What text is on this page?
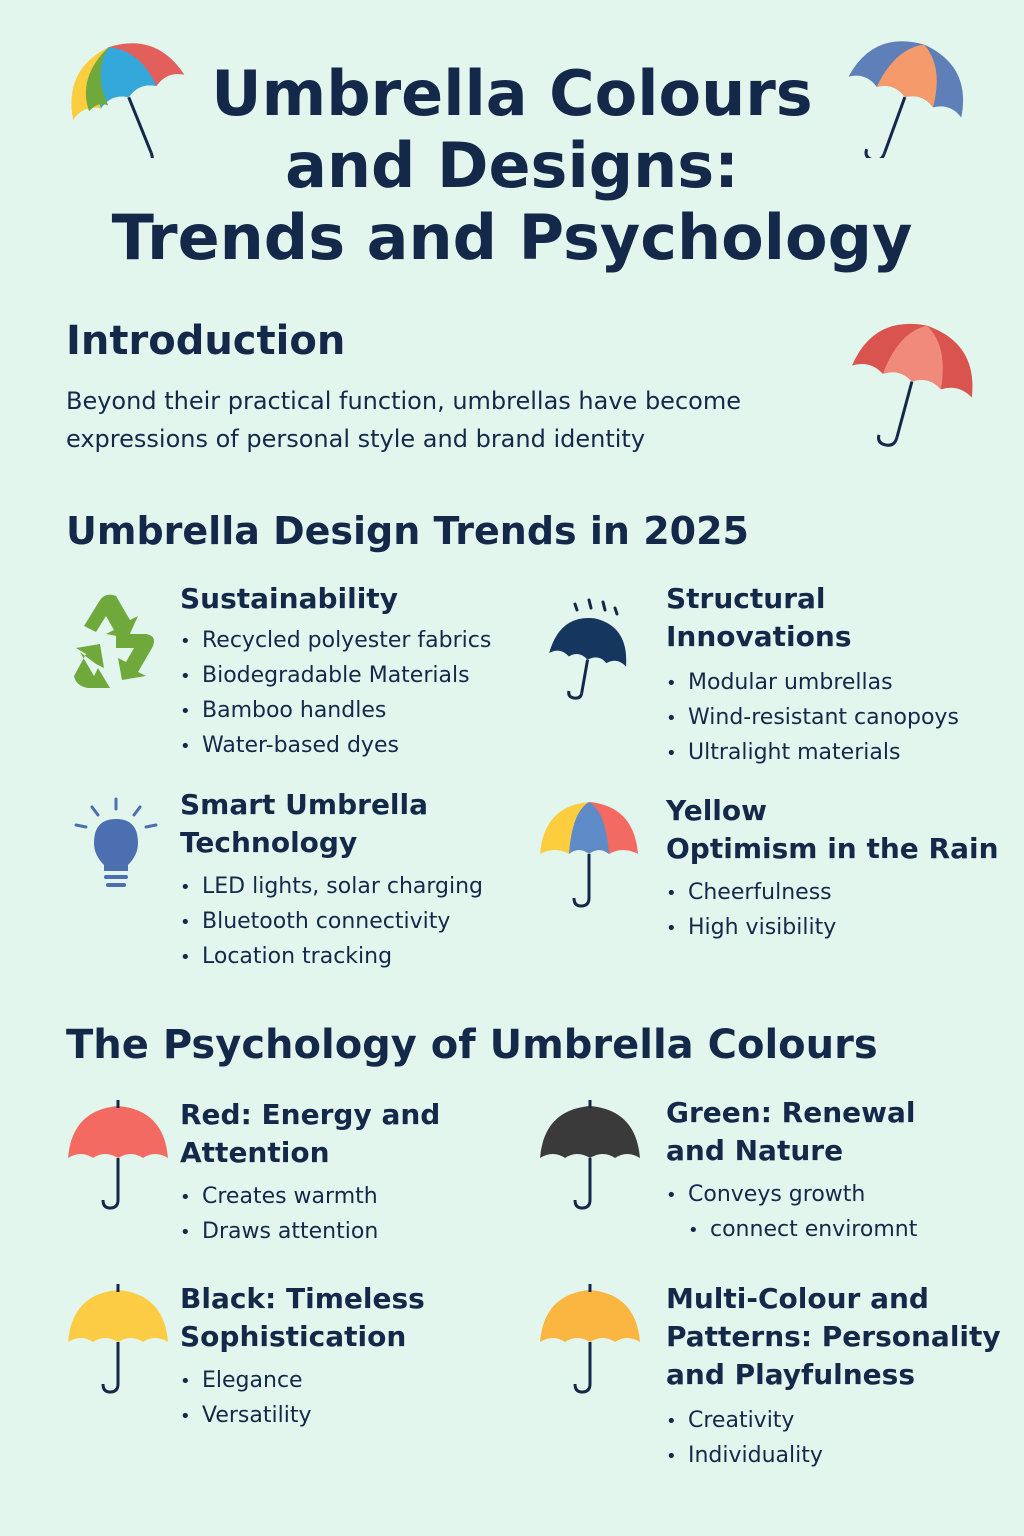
Umbrella Colours
and Designs:
Trends and Psychology
Introduction

Beyond their practical function, umbrellas have become expressions of personal style and brand identity

Umbrella Design Trends in 2025
Sustainability
• Recycled polyester fabrics
• Biodegradable Materials
• Bamboo handles
• Water-based dyes
Structural
Innovations
• Modular umbrellas
• Wind-resistant canopoys
• Ultralight materials
Smart Umbrella
Technology
• LED lights, solar charging
• Bluetooth connectivity
• Location tracking
Yellow
Optimism in the Rain
• Cheerfulness
• High visibility
The Psychology of Umbrella Colours
Red: Energy and
Attention
• Creates warmth
• Draws attention
Green: Renewal
and Nature
• Conveys growth
• connect enviromnt
Black: Timeless
Sophistication
• Elegance
• Versatility
Multi-Colour and
Patterns: Personality
and Playfulness
• Creativity
• Individuality
